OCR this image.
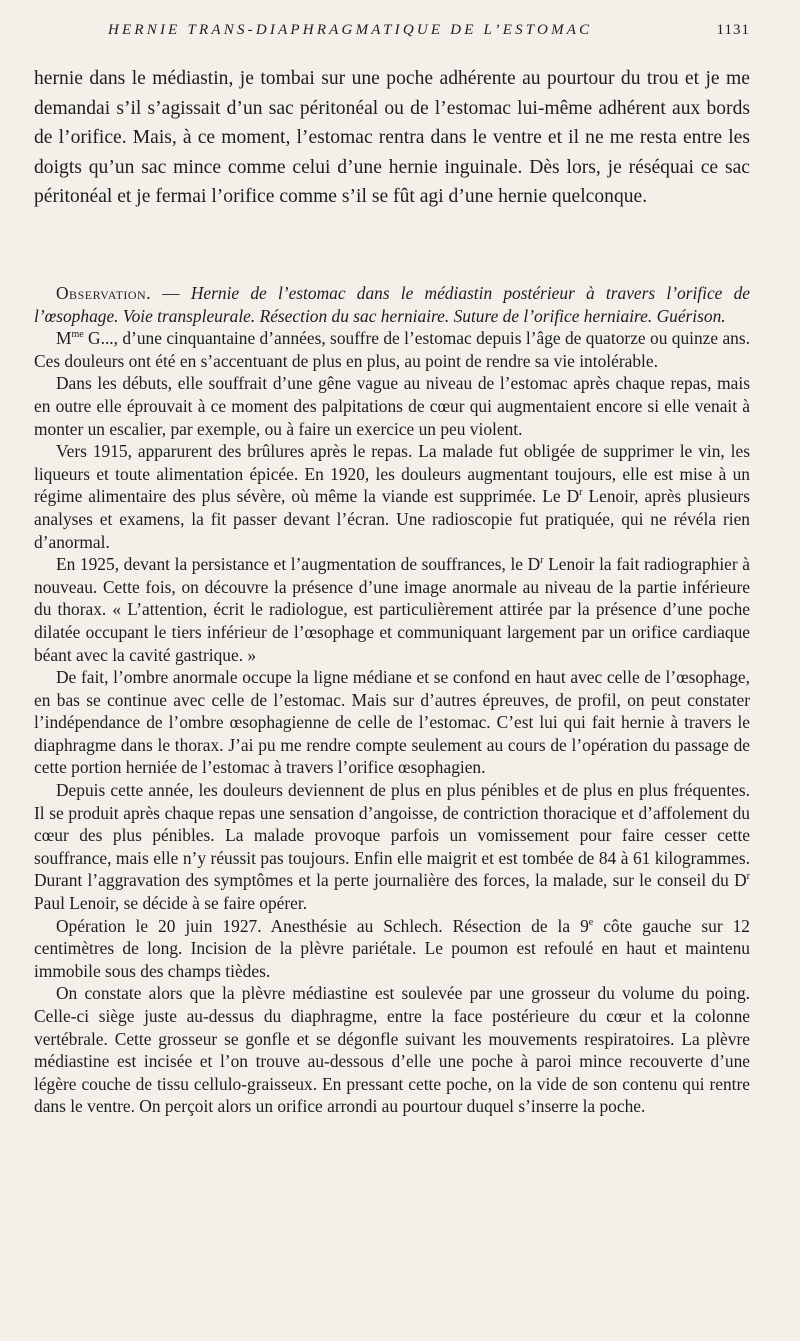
HERNIE TRANS-DIAPHRAGMATIQUE DE L’ESTOMAC	1131

hernie dans le médiastin, je tombai sur une poche adhérente au pourtour du trou et je me demandai s’il s’agissait d’un sac péritonéal ou de l’estomac lui-même adhérent aux bords de l’orifice. Mais, à ce moment, l’estomac rentra dans le ventre et il ne me resta entre les doigts qu’un sac mince comme celui d’une hernie inguinale. Dès lors, je réséquai ce sac péritonéal et je fermai l’orifice comme s’il se fût agi d’une hernie quelconque.

Observation. — Hernie de l’estomac dans le médiastin postérieur à travers l’orifice de l’œsophage. Voie transpleurale. Résection du sac herniaire. Suture de l’orifice herniaire. Guérison.

$M^{me}$ G..., d’une cinquantaine d’années, souffre de l’estomac depuis l’âge de quatorze ou quinze ans. Ces douleurs ont été en s’accentuant de plus en plus, au point de rendre sa vie intolérable.

Dans les débuts, elle souffrait d’une gêne vague au niveau de l’estomac après chaque repas, mais en outre elle éprouvait à ce moment des palpitations de cœur qui augmentaient encore si elle venait à monter un escalier, par exemple, ou à faire un exercice un peu violent.

Vers 1915, apparurent des brûlures après le repas. La malade fut obligée de supprimer le vin, les liqueurs et toute alimentation épicée. En 1920, les douleurs augmentant toujours, elle est mise à un régime alimentaire des plus sévère, où même la viande est supprimée. Le $D^r$ Lenoir, après plusieurs analyses et examens, la fit passer devant l’écran. Une radioscopie fut pratiquée, qui ne révéla rien d’anormal.

En 1925, devant la persistance et l’augmentation de souffrances, le $D^r$ Lenoir la fait radiographier à nouveau. Cette fois, on découvre la présence d’une image anormale au niveau de la partie inférieure du thorax. « L’attention, écrit le radiologue, est particulièrement attirée par la présence d’une poche dilatée occupant le tiers inférieur de l’œsophage et communiquant largement par un orifice cardiaque béant avec la cavité gastrique. »

De fait, l’ombre anormale occupe la ligne médiane et se confond en haut avec celle de l’œsophage, en bas se continue avec celle de l’estomac. Mais sur d’autres épreuves, de profil, on peut constater l’indépendance de l’ombre œsophagienne de celle de l’estomac. C’est lui qui fait hernie à travers le diaphragme dans le thorax. J’ai pu me rendre compte seulement au cours de l’opération du passage de cette portion herniée de l’estomac à travers l’orifice œsophagien.

Depuis cette année, les douleurs deviennent de plus en plus pénibles et de plus en plus fréquentes. Il se produit après chaque repas une sensation d’angoisse, de contriction thoracique et d’affolement du cœur des plus pénibles. La malade provoque parfois un vomissement pour faire cesser cette souffrance, mais elle n’y réussit pas toujours. Enfin elle maigrit et est tombée de 84 à 61 kilogrammes. Durant l’aggravation des symptômes et la perte journalière des forces, la malade, sur le conseil du $D^r$ Paul Lenoir, se décide à se faire opérer.

Opération le 20 juin 1927. Anesthésie au Schlech. Résection de la 9e côte gauche sur 12 centimètres de long. Incision de la plèvre pariétale. Le poumon est refoulé en haut et maintenu immobile sous des champs tièdes.

On constate alors que la plèvre médiastine est soulevée par une grosseur du volume du poing. Celle-ci siège juste au-dessus du diaphragme, entre la face postérieure du cœur et la colonne vertébrale. Cette grosseur se gonfle et se dégonfle suivant les mouvements respiratoires. La plèvre médiastine est incisée et l’on trouve au-dessous d’elle une poche à paroi mince recouverte d’une légère couche de tissu cellulo-graisseux. En pressant cette poche, on la vide de son contenu qui rentre dans le ventre. On perçoit alors un orifice arrondi au pourtour duquel s’inserre la poche.
